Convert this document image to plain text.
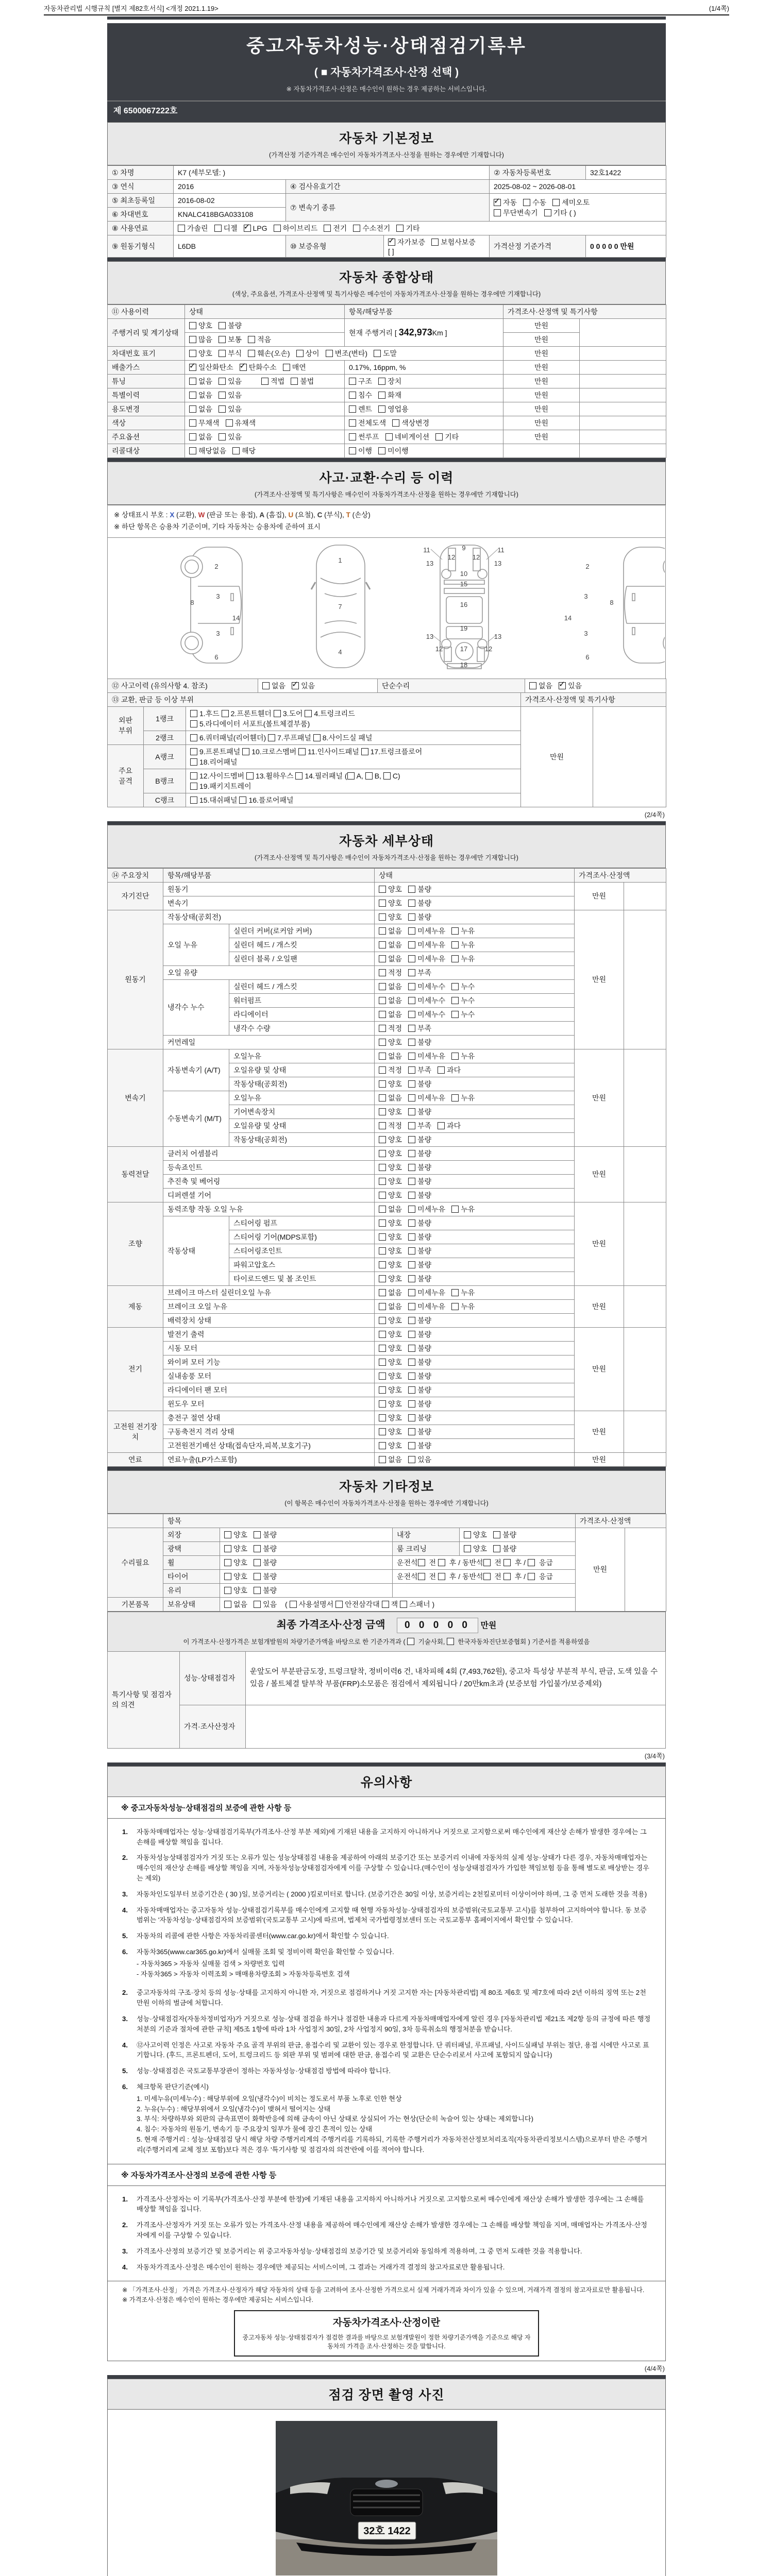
자동차관리법 시행규칙 [별지 제82호서식] <개정 2021.1.19>	(1/4쪽)
중고자동차성능·상태점검기록부
( ■ 자동차가격조사·산정 선택 )
※ 자동차가격조사·산정은 매수인이 원하는 경우 제공하는 서비스입니다.
제 6500067222호
자동차 기본정보
(가격산정 기준가격은 매수인이 자동차가격조사·산정을 원하는 경우에만 기재합니다)
① 차명	K7 (세부모델: )			② 자동차등록번호	32호1422
③ 연식	2016	④ 검사유효기간		2025-08-02 ~ 2026-08-01	
⑤ 최초등록일	2016-08-02	⑦ 변속기 종류	✓자동 수동 세미오토
무단변속기 기타 ( )
⑥ 차대번호	KNALC418BGA033108				
⑧ 사용연료	가솔린 디젤 ✓ LPG 하이브리드 전기 수소전기 기타
⑨ 원동기형식	L6DB	⑩ 보증유형	✓자가보증 보험사보증 [ ]	가격산정 기준가격	0 0 0 0 0 만원
자동차 종합상태
(색상, 주요옵션, 가격조사·산정액 및 특기사항은 매수인이 자동차가격조사·산정을 원하는 경우에만 기재합니다)
⑪ 사용이력	상태	항목/해당부품	가격조사·산정액 및 특기사항	
주행거리 및 계기상태	양호 불량	현재 주행거리 [ 342,973Km ]	만원	
	많음 보통 적음		만원	
차대번호 표기	양호 부식 훼손(오손) 상이 변조(변타) 도말		만원	
배출가스	✓일산화탄소 ✓ 탄화수소 매연	0.17%, 16ppm, %	만원	
튜닝	없음 있음 적법 불법	구조 장치	만원	
특별이력	없음 있음	침수 화재	만원	
용도변경	없음 있음	렌트 영업용	만원	
색상	무채색 유채색	전체도색 색상변경	만원	
주요옵션	없음 있음	썬루프 네비게이션 기타	만원	
리콜대상	해당없음 해당	이행 미이행		
사고·교환·수리 등 이력
(가격조사·산정액 및 특기사항은 매수인이 자동차가격조사·산정을 원하는 경우에만 기재합니다)
※ 상태표시 부호 : X (교환), W (판금 또는 용접), A (흠집), U (요철), C (부식), T (손상)
※ 하단 항목은 승용차 기준이며, 기타 자동차는 승용차에 준하여 표시
2
8
3
14
3
6
1
7
4
11	11
13	13
12	12
9
10
15
16
19
13	13
12	12
17
18
2
8
3
14
3
6
⑫ 사고이력 (유의사항 4. 참조)	없음 ✓ 있음	단순수리	없음 ✓ 있음
⑬ 교환, 판금 등 이상 부위			가격조사·산정액 및 특기사항	
외판
부위	1랭크	1.후드 2.프론트휀더 3.도어 4.트렁크리드
5.라디에이터 서포트(볼트체결부품)	만원	
	2랭크	6.쿼터패널(리어휀더) 7.루프패널 8.사이드실 패널		
주요
골격	A랭크	9.프론트패널 10.크로스멤버 11.인사이드패널 17.트렁크플로어
18.리어패널		
	B랭크	12.사이드멤버 13.휠하우스 14.필러패널 ( A, B, C)
19.패키지트레이		
	C랭크	15.대쉬패널 16.플로어패널		
(2/4쪽)
자동차 세부상태
(가격조사·산정액 및 특기사항은 매수인이 자동차가격조사·산정을 원하는 경우에만 기재합니다)
⑭ 주요장치	항목/해당부품		상태	가격조사·산정액	
자기진단	원동기		양호 불량	만원	
	변속기		양호 불량		
원동기	작동상태(공회전)		양호 불량	만원	
	오일 누유	실린더 커버(로커암 커버)	없음 미세누유 누유		
		실린더 헤드 / 개스킷	없음 미세누유 누유		
		실린더 블록 / 오일팬	없음 미세누유 누유		
	오일 유량		적정 부족		
	냉각수 누수	실린더 헤드 / 개스킷	없음 미세누수 누수		
		워터펌프	없음 미세누수 누수		
		라디에이터	없음 미세누수 누수		
		냉각수 수량	적정 부족		
	커먼레일		양호 불량		
변속기	자동변속기 (A/T)	오일누유	없음 미세누유 누유	만원	
		오일유량 및 상태	적정 부족 과다		
		작동상태(공회전)	양호 불량		
	수동변속기 (M/T)	오일누유	없음 미세누유 누유		
		기어변속장치	양호 불량		
		오일유량 및 상태	적정 부족 과다		
		작동상태(공회전)	양호 불량		
동력전달	클러치 어셈블리		양호 불량	만원	
	등속죠인트		양호 불량		
	추진축 및 베어링		양호 불량		
	디퍼렌셜 기어		양호 불량		
조향	동력조향 작동 오일 누유		없음 미세누유 누유	만원	
	작동상태	스티어링 펌프	양호 불량		
		스티어링 기어(MDPS포함)	양호 불량		
		스티어링조인트	양호 불량		
		파워고압호스	양호 불량		
		타이로드엔드 및 볼 조인트	양호 불량		
제동	브레이크 마스터 실린더오일 누유		없음 미세누유 누유	만원	
	브레이크 오일 누유		없음 미세누유 누유		
	배력장치 상태		양호 불량		
전기	발전기 출력		양호 불량	만원	
	시동 모터		양호 불량		
	와이퍼 모터 기능		양호 불량		
	실내송풍 모터		양호 불량		
	라디에이터 팬 모터		양호 불량		
	윈도우 모터		양호 불량		
고전원 전기장치	충전구 절연 상태		양호 불량	만원	
	구동축전지 격리 상태		양호 불량		
	고전원전기배선 상태(접속단자,피복,보호기구)		양호 불량		
연료	연료누출(LP가스포함)		없음 있음	만원	
자동차 기타정보
(이 항목은 매수인이 자동차가격조사·산정을 원하는 경우에만 기재합니다)
	항목				가격조사·산정액	
수리필요	외장	양호 불량	내장	양호 불량	만원	
	광택	양호 불량	룸 크리닝	양호 불량		
	휠	양호 불량	운전석 전  후 / 동반석 전  후 /  응급			
	타이어	양호 불량	운전석 전  후 / 동반석 전  후 /  응급			
	유리	양호 불량				
기본품목	보유상태	없음 있음 ( 사용설명서 안전삼각대 잭 스패너 )				
최종 가격조사·산정 금액 0 0 0 0 0 만원
이 가격조사·산정가격은 보험개발원의 차량기준가액을 바탕으로 한 기준가격과 (  기술사회,  한국자동차진단보증협회 ) 기준서를 적용하였음
특기사항 및 점검자의 의견	성능·상태점검자	운앞도어 부분판금도장, 트렁크탈착, 정비이력6 건, 내차피해 4회 (7,493,762원), 중고차 특성상 부분적 부식, 판금, 도색 있을 수 있음 / 볼트체결 탈부착 부품(FRP)소모품은 점검에서 제외됩니다 / 20만km초과 (보증보험 가입불가/보증제외)
	가격·조사산정자	
(3/4쪽)
유의사항
※ 중고자동차성능·상태점검의 보증에 관한 사항 등
1.	자동차매매업자는 성능·상태점검기록부(가격조사·산정 부분 제외)에 기재된 내용을 고지하지 아니하거나 거짓으로 고지함으로써 매수인에게 재산상 손해가 발생한 경우에는 그 손해를 배상할 책임을 집니다.
2.	자동차성능상태점검자가 거짓 또는 오류가 있는 성능상태점검 내용을 제공하여 아래의 보증기간 또는 보증거리 이내에 자동차의 실제 성능·상태가 다른 경우, 자동차매매업자는 매수인의 재산상 손해를 배상할 책임을 지며, 자동차성능상태점검자에게 이를 구상할 수 있습니다.(매수인이 성능상태점검자가 가입한 책임보험 등을 통해 별도로 배상받는 경우는 제외)
3.	자동차인도일부터 보증기간은 ( 30 )일, 보증거리는 ( 2000 )킬로미터로 합니다. (보증기간은 30일 이상, 보증거리는 2천킬로미터 이상이어야 하며, 그 중 먼저 도래한 것을 적용)
4.	자동차매매업자는 중고자동차 성능·상태점검기록부를 매수인에게 고지할 때 현행 자동차성능·상태점검자의 보증범위(국토교통부 고시)를 첨부하여 고지하여야 합니다. 동 보증범위는 '자동차성능·상태점검자의 보증범위'(국토교통부 고시)에 따르며, 법제처 국가법령정보센터 또는 국토교통부 홈페이지에서 확인할 수 있습니다.
5.	자동차의 리콜에 관한 사항은 자동차리콜센터(www.car.go.kr)에서 확인할 수 있습니다.
6.	자동차365(www.car365.go.kr)에서 실매물 조회 및 정비이력 확인을 확인할 수 있습니다.
- 자동차365 > 자동차 실매물 검색 > 차량번호 입력
- 자동차365 > 자동차 이력조회 > 매매용차량조회 > 자동차등록번호 검색
2.	중고자동차의 구조·장치 등의 성능·상태를 고지하지 아니한 자, 거짓으로 점검하거나 거짓 고지한 자는 [자동차관리법] 제 80조 제6호 및 제7호에 따라 2년 이하의 징역 또는 2천만원 이하의 벌금에 처합니다.
3.	성능·상태점검자(자동차정비업자)가 거짓으로 성능·상태 점검을 하거나 점검한 내용과 다르게 자동차매매업자에게 알린 경우 [자동차관리법 제21조 제2항 등의 규정에 따른 행정처분의 기준과 절차에 관한 규칙] 제5조 1항에 따라 1차 사업정지 30일, 2차 사업정지 90일, 3차 등록취소의 행정처분을 받습니다.
4.	⑫사고이력 인정은 사고로 자동차 주요 골격 부위의 판금, 용접수리 및 교환이 있는 경우로 한정합니다. 단 쿼터패널, 루프패널, 사이드실패널 부위는 절단, 용접 시에만 사고로 표기합니다. (후드, 프론트펜더, 도어, 트렁크리드 등 외판 부위 및 범퍼에 대한 판금, 용접수리 및 교환은 단순수리로서 사고에 포함되지 않습니다)
5.	성능·상태점검은 국토교통부장관이 정하는 자동차성능·상태점검 방법에 따라야 합니다.
6.	체크항목 판단기준(예시)
1. 미세누유(미세누수) : 해당부위에 오일(냉각수)이 비치는 정도로서 부품 노후로 인한 현상
2. 누유(누수) : 해당부위에서 오일(냉각수)이 맺혀서 떨어지는 상태
3. 부식: 차량하부와 외판의 금속표면이 화학반응에 의해 금속이 아닌 상태로 상실되어 가는 현상(단순히 녹슬어 있는 상태는 제외합니다)
4. 침수: 자동차의 원동기, 변속기 등 주요장치 일부가 물에 잠긴 흔적이 있는 상태
5. 현재 주행거리 : 성능·상태점검 당시 해당 차량 주행거리계의 주행거리를 기록하되, 기록한 주행거리가 자동차전산정보처리조직(자동차관리정보시스템)으로부터 받은 주행거리(주행거리계 교체 정보 포함)보다 적은 경우 '특기사항 및 점검자의 의견'란에 이를 적어야 합니다.
※ 자동차가격조사·산정의 보증에 관한 사항 등
1.	가격조사·산정자는 이 기록부(가격조사·산정 부분에 한정)에 기재된 내용을 고지하지 아니하거나 거짓으로 고지함으로써 매수인에게 재산상 손해가 발생한 경우에는 그 손해를 배상할 책임을 집니다.
2.	가격조사·산정자가 거짓 또는 오류가 있는 가격조사·산정 내용을 제공하여 매수인에게 재산상 손해가 발생한 경우에는 그 손해를 배상할 책임을 지며, 매매업자는 가격조사·산정자에게 이를 구상할 수 있습니다.
3.	가격조사·산정의 보증기간 및 보증거리는 위 중고자동차성능·상태점검의 보증기간 및 보증거리와 동일하게 적용하며, 그 중 먼저 도래한 것을 적용합니다.
4.	자동차가격조사·산정은 매수인이 원하는 경우에만 제공되는 서비스이며, 그 결과는 거래가격 결정의 참고자료로만 활용됩니다.
※ 「가격조사·산정」 가격은 가격조사·산정자가 해당 자동차의 상태 등을 고려하여 조사·산정한 가격으로서 실제 거래가격과 차이가 있을 수 있으며, 거래가격 결정의 참고자료로만 활용됩니다.
※ 가격조사·산정은 매수인이 원하는 경우에만 제공되는 서비스입니다.
자동차가격조사·산정이란
중고자동차 성능·상태점검자가 점검한 결과를 바탕으로 보험개발원이 정한 차량기준가액을 기준으로 해당 자동차의 가격을 조사·산정하는 것을 말합니다.
(4/4쪽)
점검 장면 촬영 사진
32호 1422
